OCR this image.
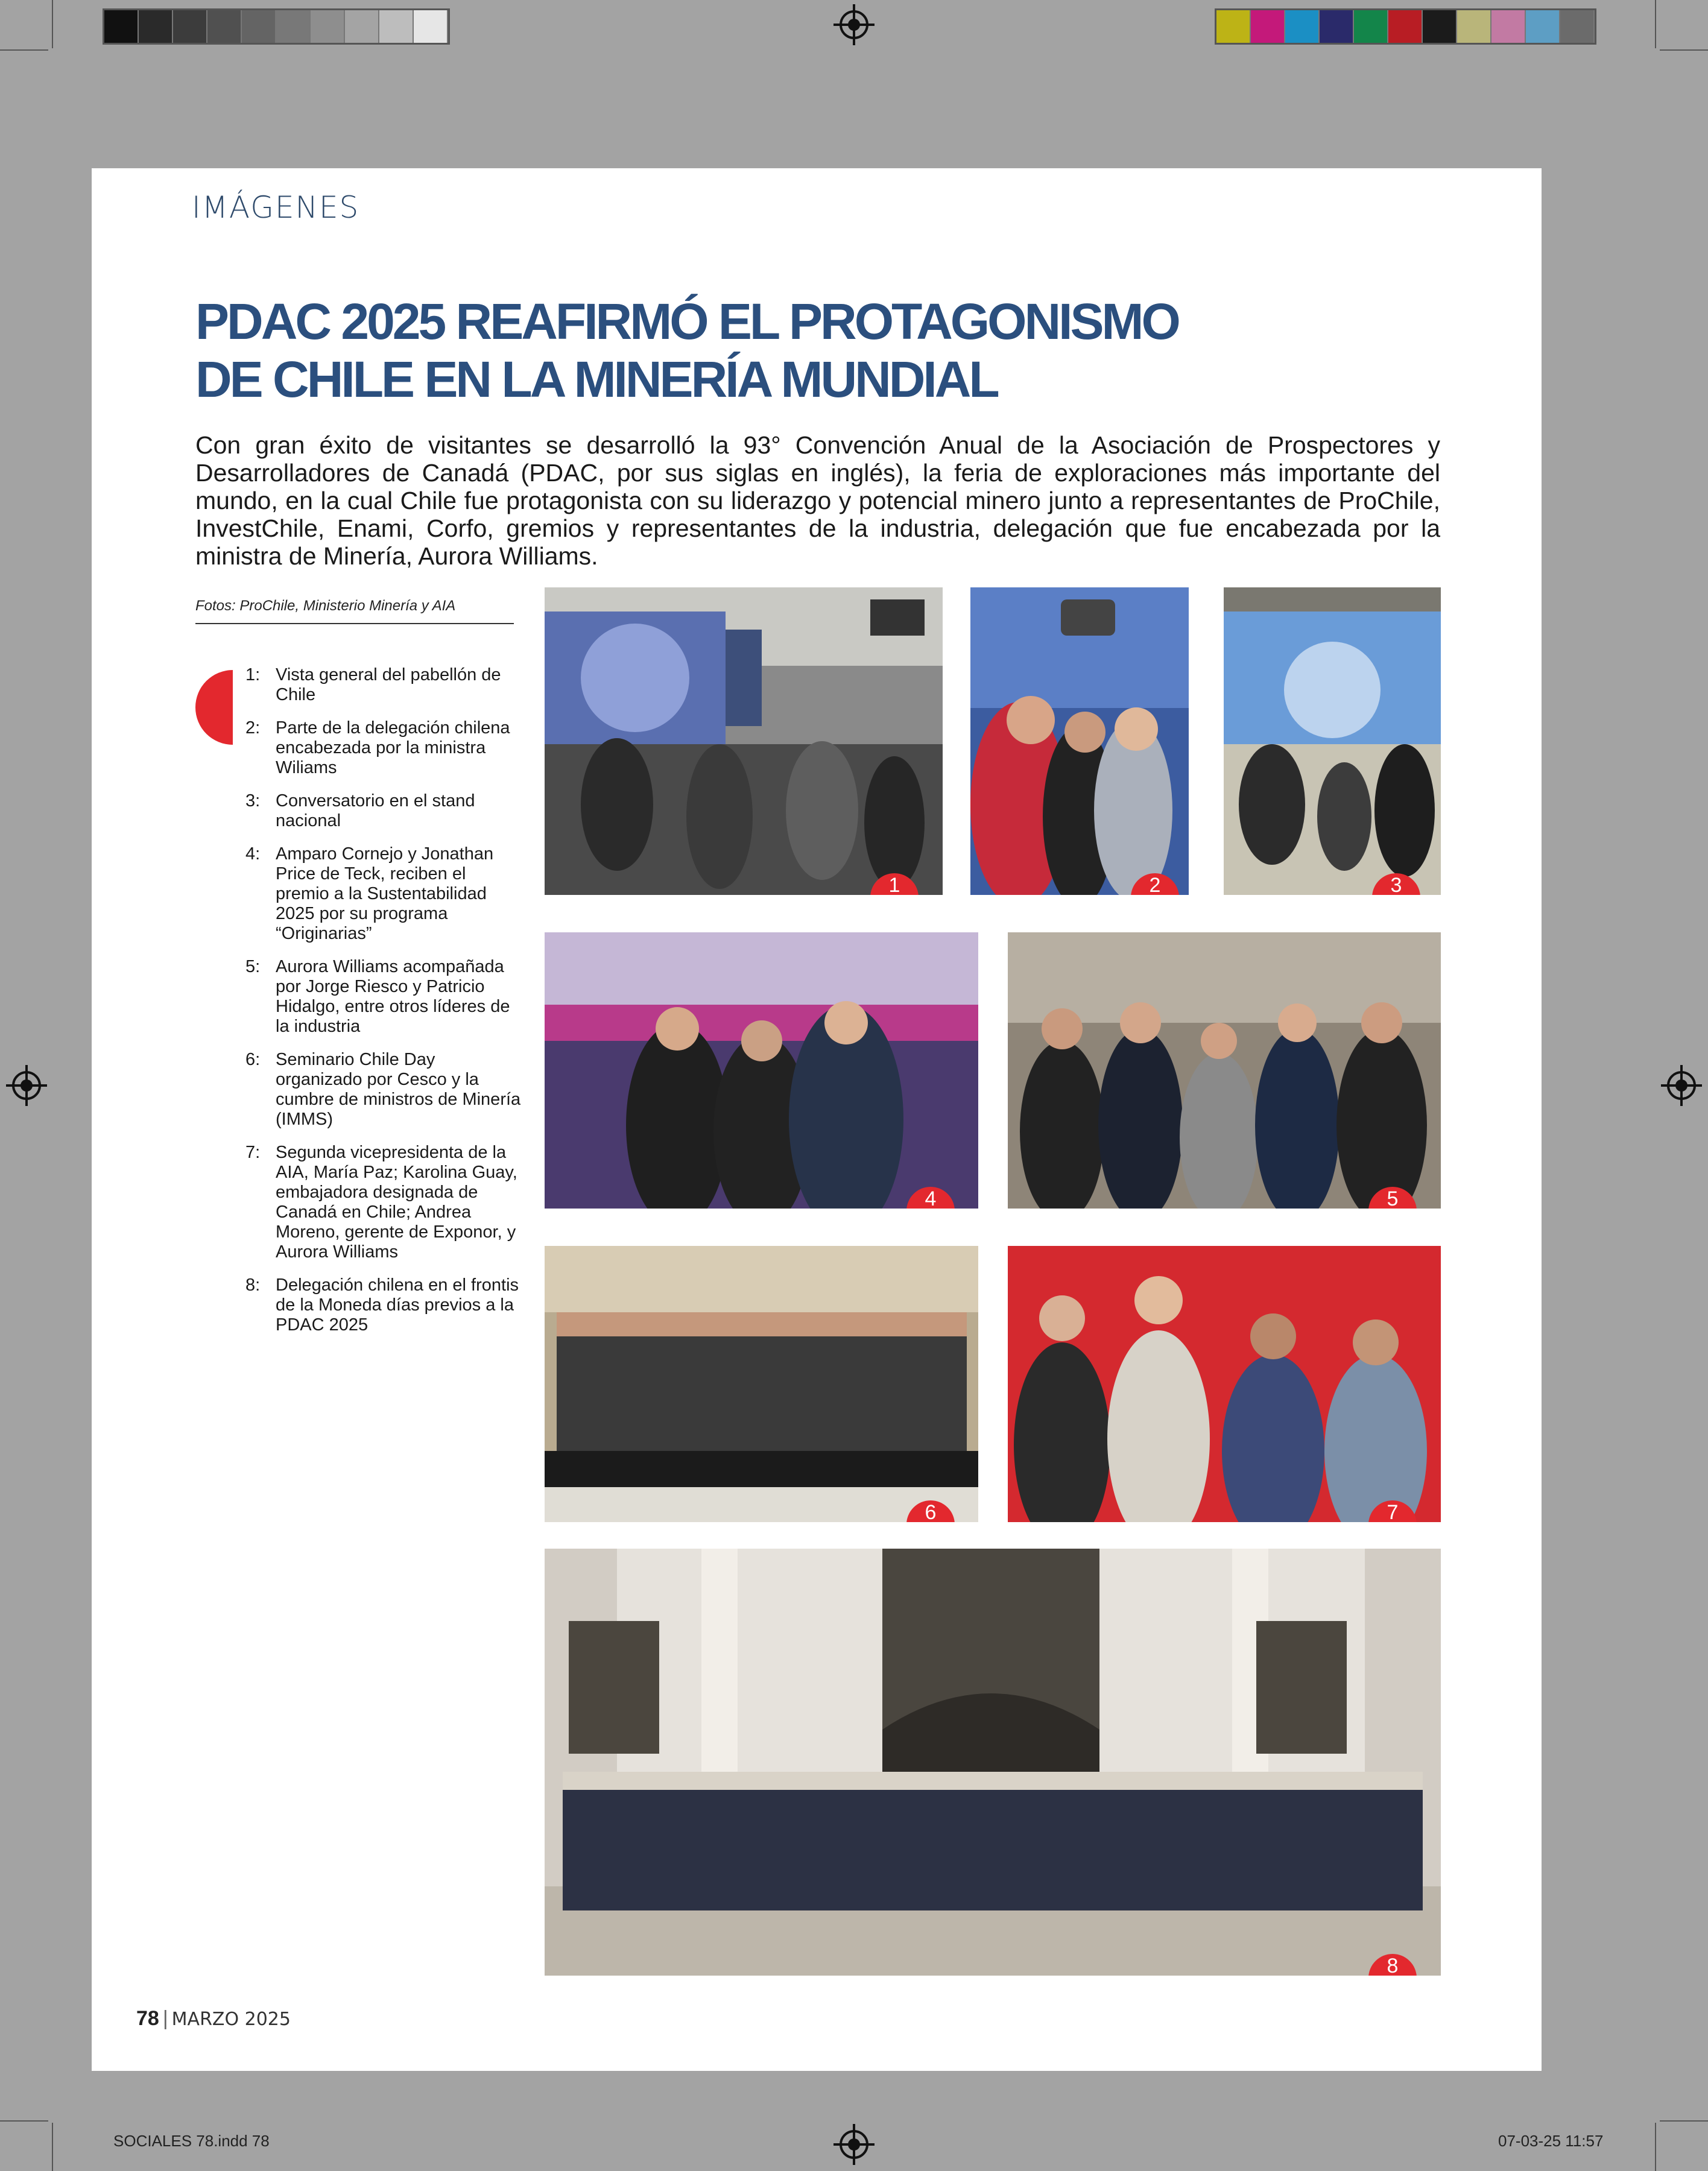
SOCIALES 78.indd 78	07-03-25 11:57
IMÁGENES
PDAC 2025 REAFIRMÓ EL PROTAGONISMO
DE CHILE EN LA MINERÍA MUNDIAL

Con gran éxito de visitantes se desarrolló la 93° Convención Anual de la Asociación de Prospectores y Desarrolladores de Canadá (PDAC, por sus siglas en inglés), la feria de exploraciones más importante del mundo, en la cual Chile fue protagonista con su liderazgo y potencial minero junto a representantes de ProChile, InvestChile, Enami, Corfo, gremios y representantes de la industria, delegación que fue encabezada por la ministra de Minería, Aurora Williams.

Fotos: ProChile, Ministerio Minería y AIA
1: Vista general del pabellón de Chile
2: Parte de la delegación chilena encabezada por la ministra Wiliams
3: Conversatorio en el stand nacional
4: Amparo Cornejo y Jonathan Price de Teck, reciben el premio a la Sustentabilidad 2025 por su programa “Originarias”
5: Aurora Williams acompañada por Jorge Riesco y Patricio Hidalgo, entre otros líderes de la industria
6: Seminario Chile Day organizado por Cesco y la cumbre de ministros de Minería (IMMS)
7: Segunda vicepresidenta de la AIA, María Paz; Karolina Guay, embajadora designada de Canadá en Chile; Andrea Moreno, gerente de Exponor, y Aurora Williams
8: Delegación chilena en el frontis de la Moneda días previos a la PDAC 2025
1	2	3
4	5
6	7
8
78 | MARZO 2025
